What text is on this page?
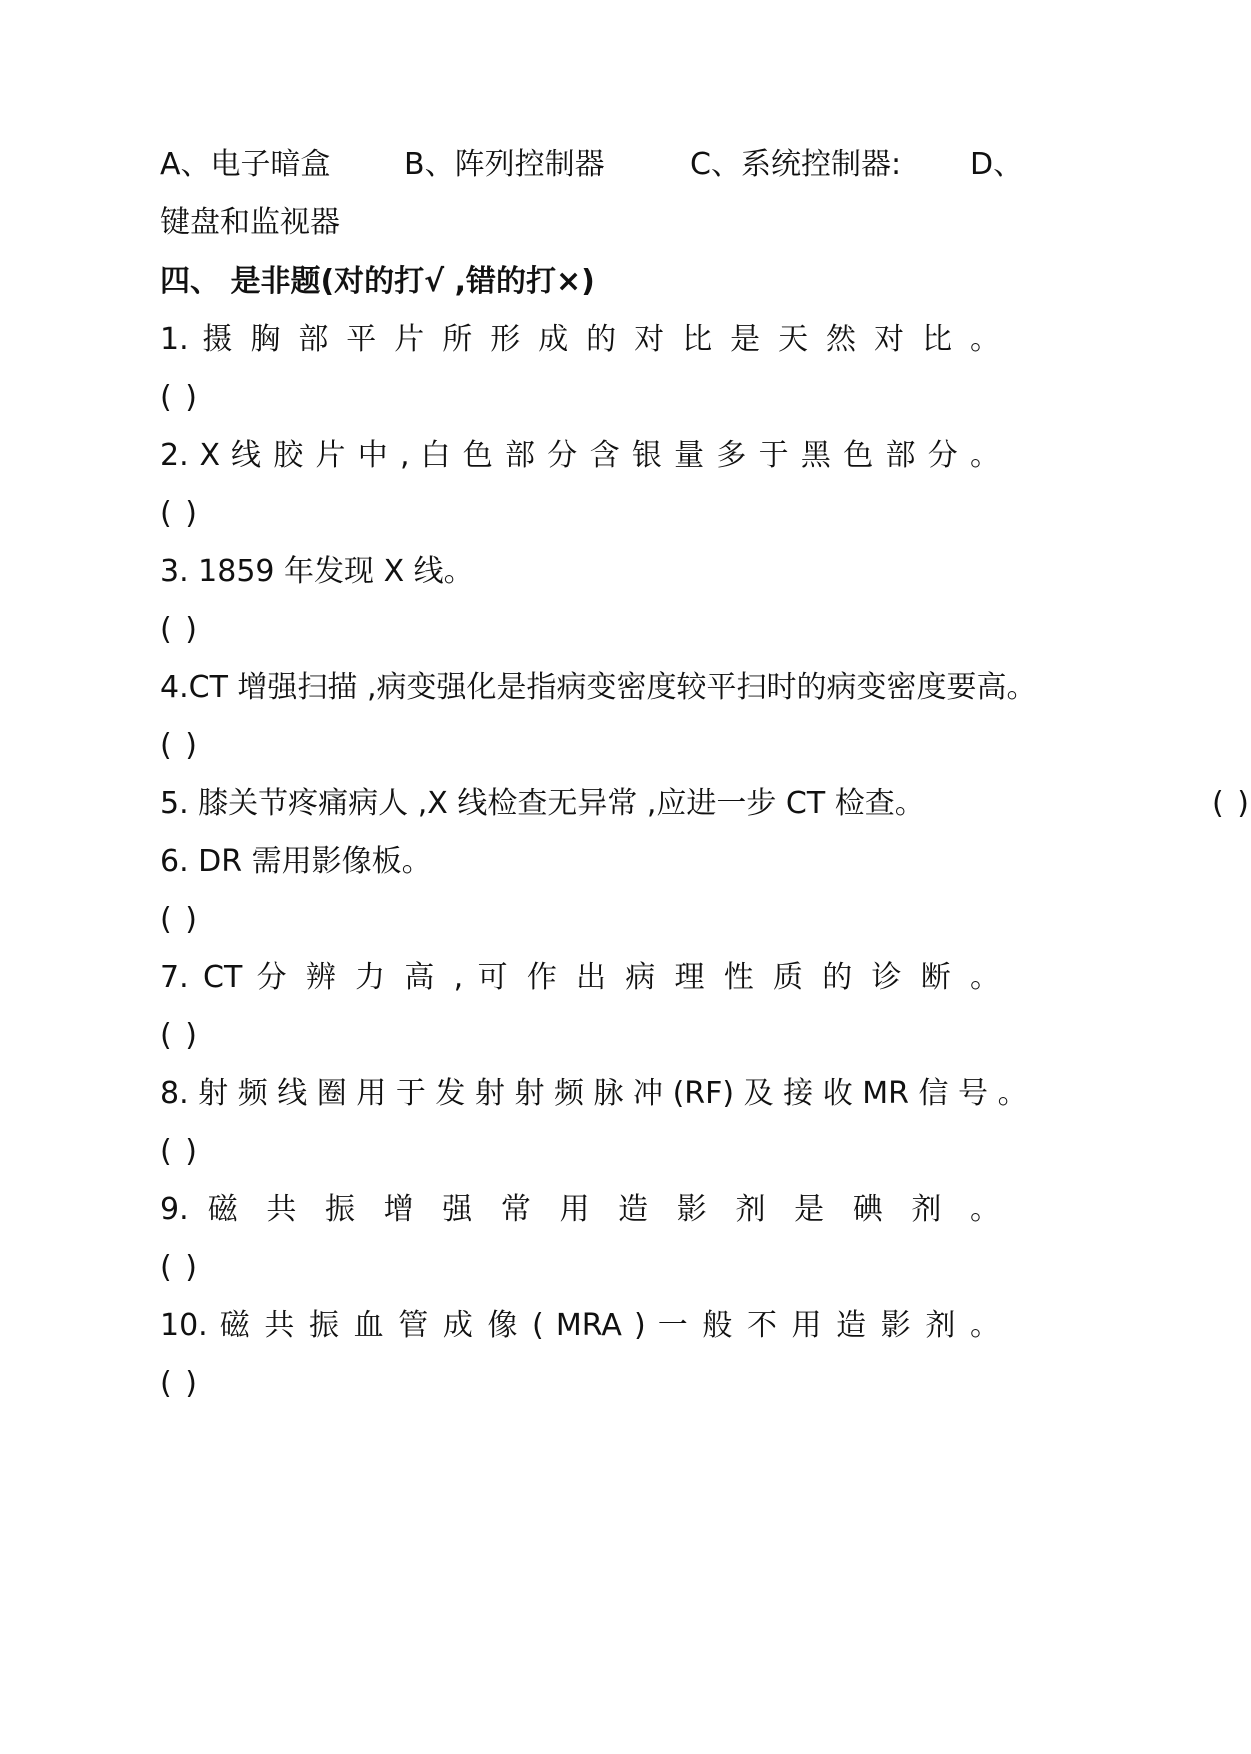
A、电子暗盒 B、阵列控制器	C、系统控制器: D、
键盘和监视器
四、 是非题(对的打√ ,错的打×)
1. 摄 胸 部 平 片 所 形 成 的 对 比 是 天 然 对 比 。
( )
2. X 线 胶 片 中 , 白 色 部 分 含 银 量 多 于 黑 色 部 分 。
( )
3. 1859 年发现 X 线。
( )
4.CT 增强扫描 ,病变强化是指病变密度较平扫时的病变密度要高。
( )
5. 膝关节疼痛病人 ,X 线检查无异常 ,应进一步 CT 检查。	( )
6. DR 需用影像板。
( )
7. CT 分 辨 力 高 , 可 作 出 病 理 性 质 的 诊 断 。
( )
8. 射 频 线 圈 用 于 发 射 射 频 脉 冲 (RF) 及 接 收 MR 信 号 。
( )
9. 磁 共 振 增 强 常 用 造 影 剂 是 碘 剂 。
( )
10. 磁 共 振 血 管 成 像 ( MRA ) 一 般 不 用 造 影 剂 。
( )
